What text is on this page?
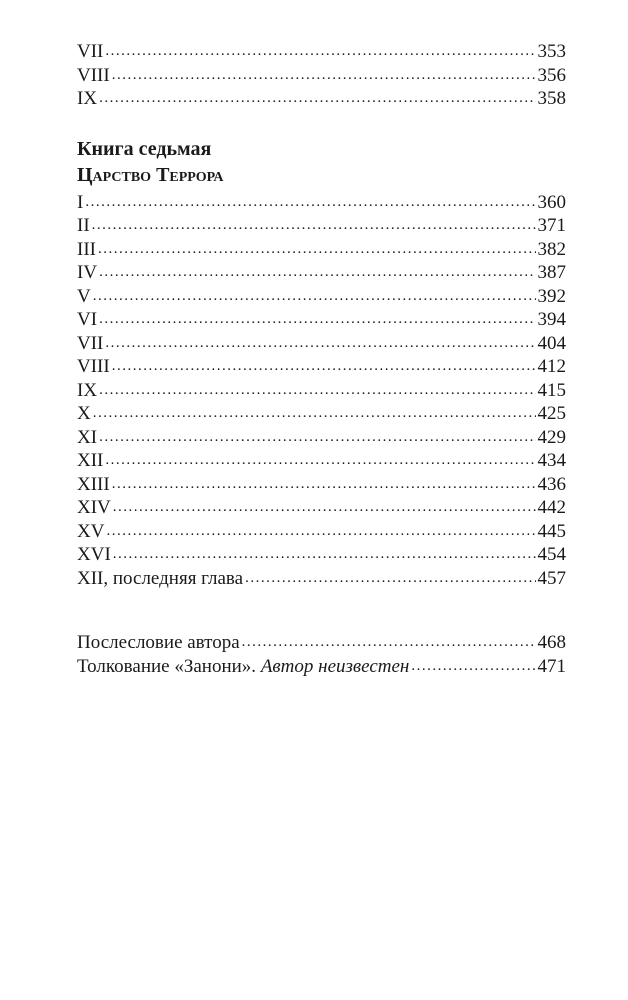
VII .....	353
VIII .....	356
IX .....	358
Книга седьмая
Царство Террора
I .....	360
II .....	371
III .....	382
IV .....	387
V .....	392
VI .....	394
VII .....	404
VIII .....	412
IX .....	415
X .....	425
XI .....	429
XII .....	434
XIII .....	436
XIV .....	442
XV .....	445
XVI .....	454
XII, последняя глава .....	457
Послесловие автора .....	468
Толкование «Занони». Автор неизвестен .....	471
